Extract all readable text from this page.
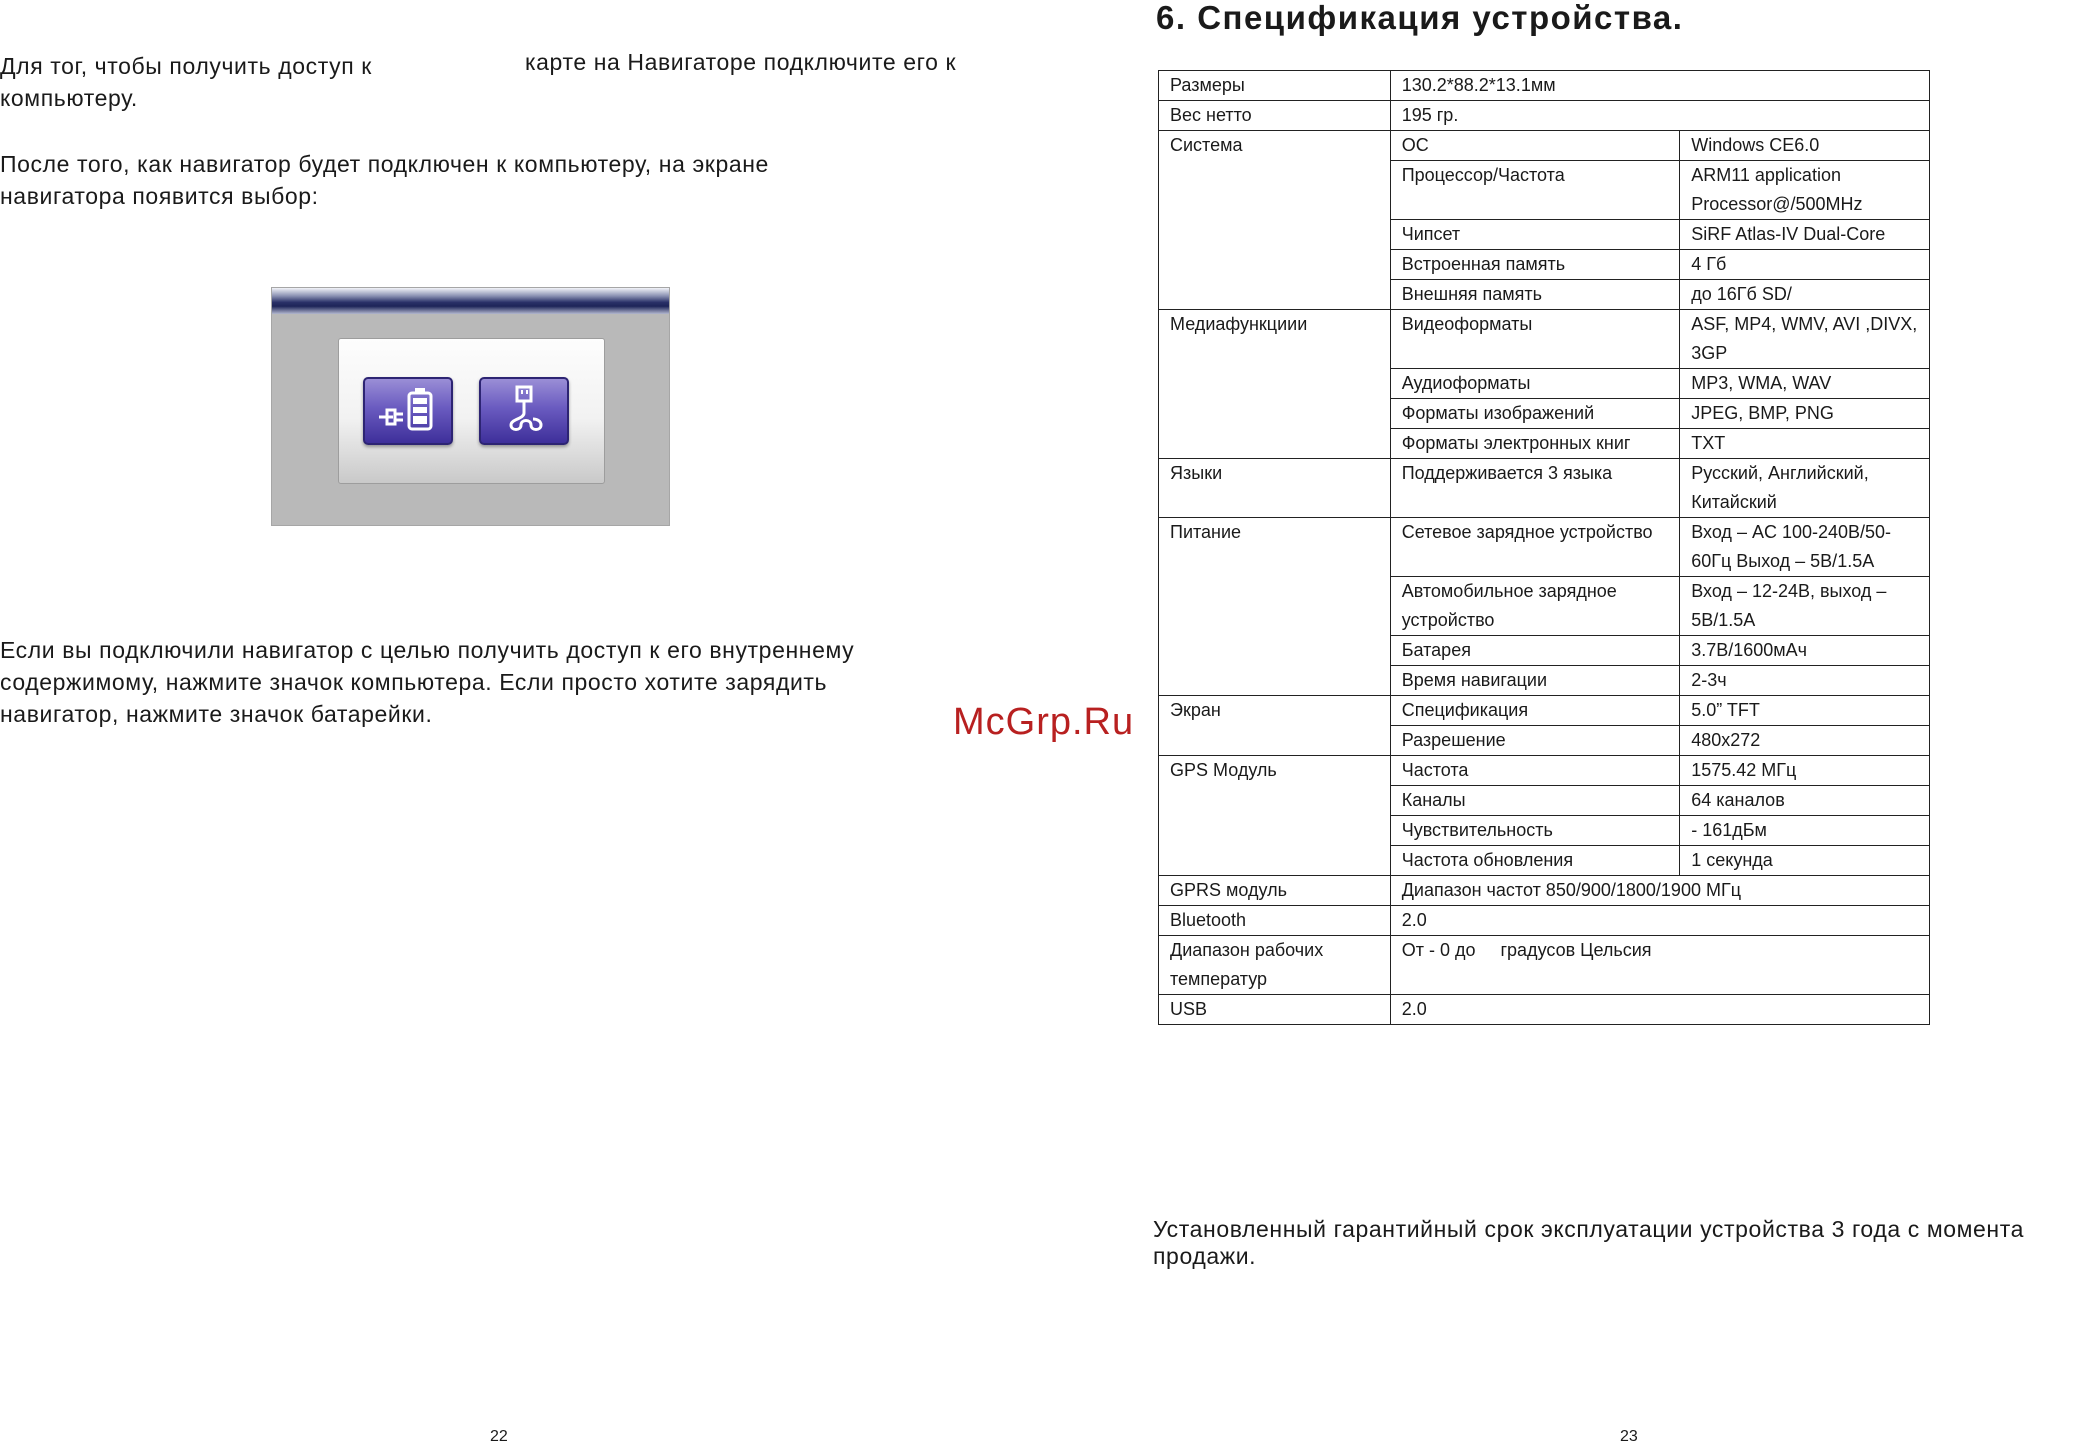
Для тог, чтобы получить доступ к компьютеру.

карте на Навигаторе подключите его к

После того, как навигатор будет подключен к компьютеру, на экране навигатора появится выбор:

Если вы подключили навигатор с целью получить доступ к его внутреннему содержимому, нажмите значок компьютера. Если просто хотите зарядить навигатор, нажмите значок батарейки.

22
6. Спецификация устройства.
Размеры	130.2*88.2*13.1мм	
Вес нетто	195 гр.	
Система	ОС	Windows CE6.0
	Процессор/Частота	ARM11 application Processor@/500MHz
	Чипсет	SiRF Atlas-IV Dual-Core
	Встроенная память	4 Гб
	Внешняя память	до 16Гб SD/
Медиафункциии	Видеоформаты	ASF, MP4, WMV, AVI ,DIVX, 3GP
	Аудиоформаты	MP3, WMA, WAV
	Форматы изображений	JPEG, BMP, PNG
	Форматы электронных книг	TXT
Языки	Поддерживается 3 языка	Русский, Английский, Китайский
Питание	Сетевое зарядное устройство	Вход – AC 100-240В/50-60Гц Выход – 5В/1.5А
	Автомобильное зарядное устройство	Вход – 12-24В, выход – 5В/1.5А
	Батарея	3.7В/1600мАч
	Время навигации	2-3ч
Экран	Спецификация	5.0” TFT
	Разрешение	480x272
GPS Модуль	Частота	1575.42 МГц
	Каналы	64 каналов
	Чувствительность	- 161дБм
	Частота обновления	1 секунда
GPRS модуль	Диапазон частот 850/900/1800/1900 МГц	
Bluetooth	2.0	
Диапазон рабочих температур	От - 0 до     градусов Цельсия	
USB	2.0	

McGrp.Ru

Установленный гарантийный срок эксплуатации устройства 3 года с момента продажи.

23
